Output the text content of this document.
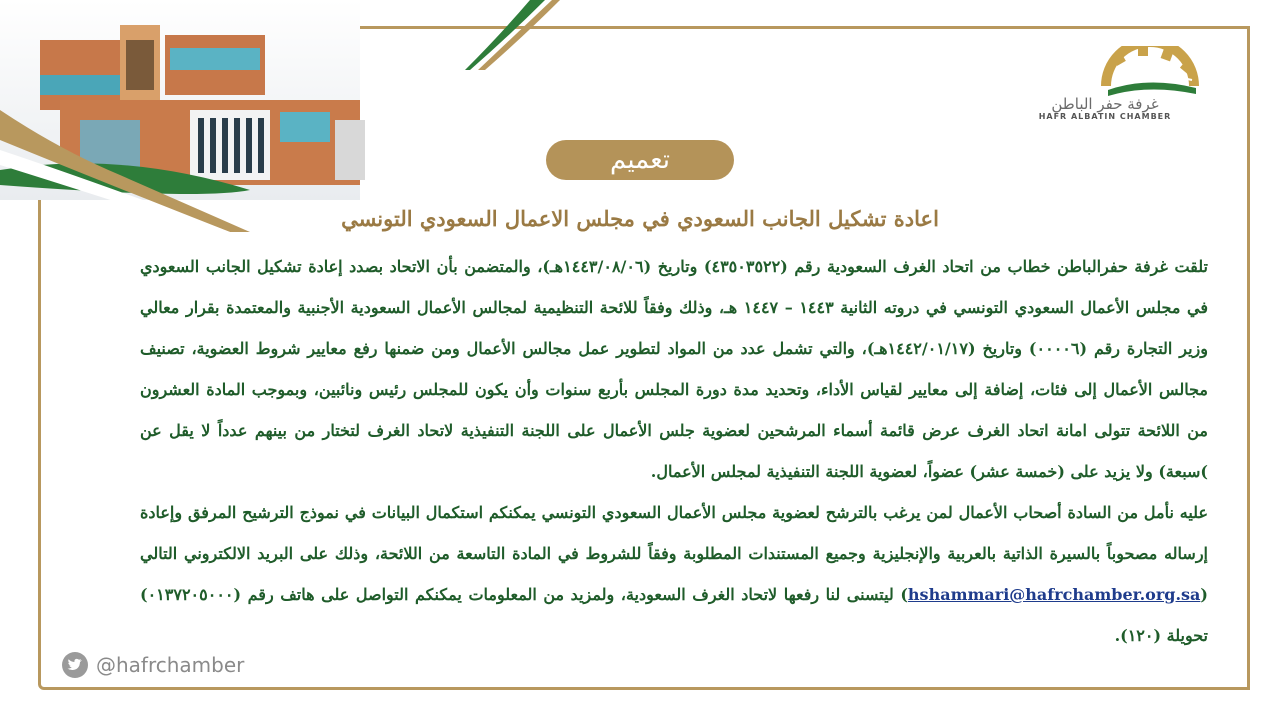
غرفة حفر الباطن
HAFR ALBATIN CHAMBER
تعميم
اعادة تشكيل الجانب السعودي في مجلس الاعمال السعودي التونسي

تلقت غرفة حفرالباطن خطاب من اتحاد الغرف السعودية رقم (٤٣٥٠٣٥٢٢) وتاريخ (١٤٤٣/٠٨/٠٦هـ)، والمتضمن بأن الاتحاد بصدد إعادة تشكيل الجانب السعودي في مجلس الأعمال السعودي التونسي في دروته الثانية ١٤٤٣ – ١٤٤٧ هـ، وذلك وفقاً للائحة التنظيمية لمجالس الأعمال السعودية الأجنبية والمعتمدة بقرار معالي وزير التجارة رقم (٠٠٠٠٦) وتاريخ (١٤٤٢/٠١/١٧هـ)، والتي تشمل عدد من المواد لتطوير عمل مجالس الأعمال ومن ضمنها رفع معايير شروط العضوية، تصنيف مجالس الأعمال إلى فئات، إضافة إلى معايير لقياس الأداء، وتحديد مدة دورة المجلس بأربع سنوات وأن يكون للمجلس رئيس ونائبين، وبموجب المادة العشرون من اللائحة تتولى امانة اتحاد الغرف عرض قائمة أسماء المرشحين لعضوية جلس الأعمال على اللجنة التنفيذية لاتحاد الغرف لتختار من بينهم عدداً لا يقل عن )سبعة) ولا يزيد على (خمسة عشر) عضواً، لعضوية اللجنة التنفيذية لمجلس الأعمال.

عليه نأمل من السادة أصحاب الأعمال لمن يرغب بالترشح لعضوية مجلس الأعمال السعودي التونسي يمكنكم استكمال البيانات في نموذج الترشيح المرفق وإعادة إرساله مصحوباً بالسيرة الذاتية بالعربية والإنجليزية وجميع المستندات المطلوبة وفقاً للشروط في المادة التاسعة من اللائحة، وذلك على البريد الالكتروني التالي (hshammari@hafrchamber.org.sa) ليتسنى لنا رفعها لاتحاد الغرف السعودية، ولمزيد من المعلومات يمكنكم التواصل على هاتف رقم (٠١٣٧٢٠٥٠٠٠) تحويلة (١٢٠).

@hafrchamber
